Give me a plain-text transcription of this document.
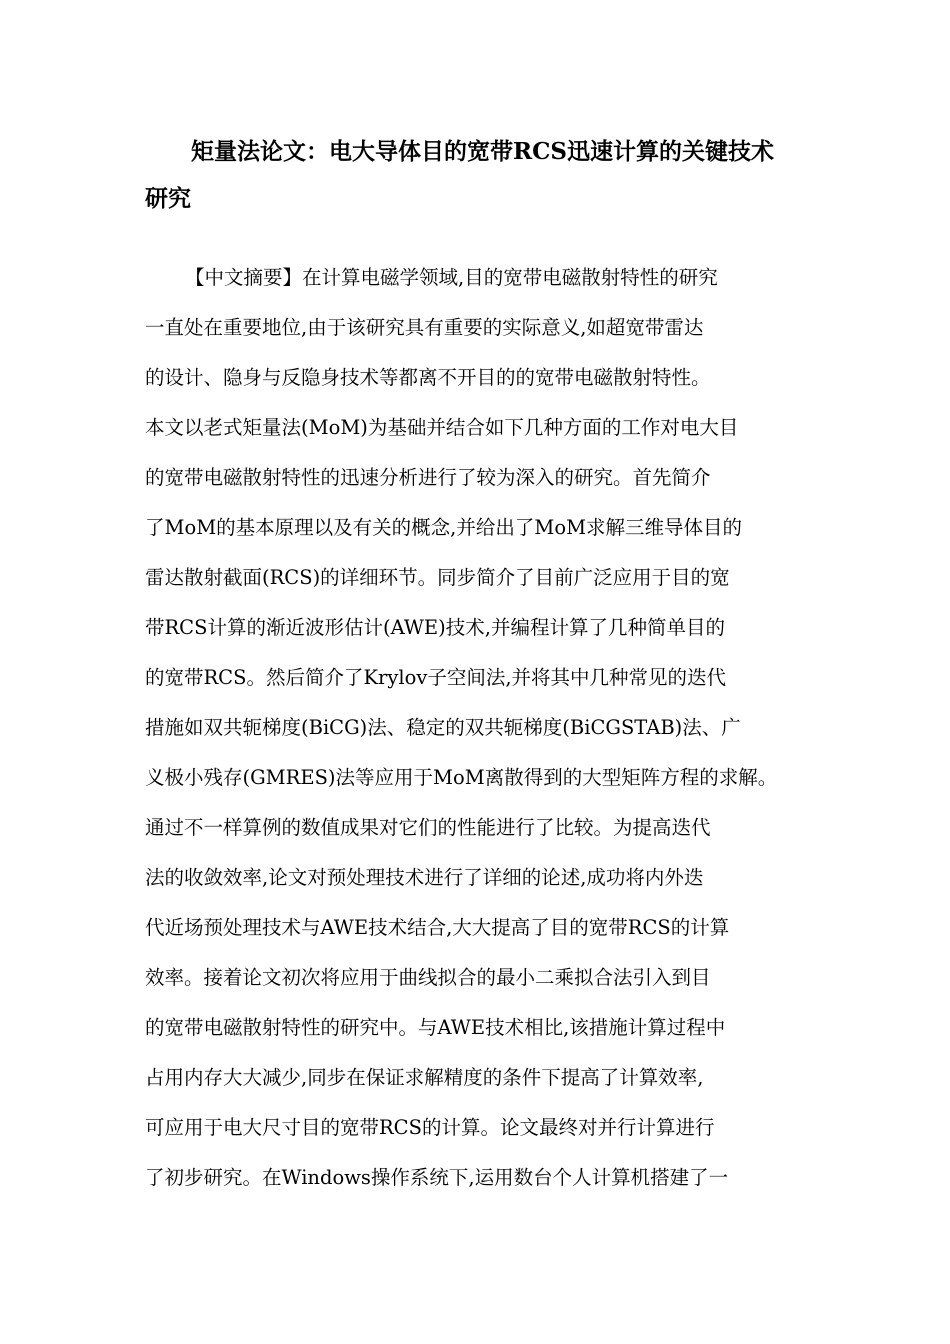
矩量法论文：电大导体目的宽带RCS迅速计算的关键技术
研究
【中文摘要】在计算电磁学领域,目的宽带电磁散射特性的研究
一直处在重要地位,由于该研究具有重要的实际意义,如超宽带雷达
的设计、隐身与反隐身技术等都离不开目的的宽带电磁散射特性。
本文以老式矩量法(MoM)为基础并结合如下几种方面的工作对电大目
的宽带电磁散射特性的迅速分析进行了较为深入的研究。首先简介
了MoM的基本原理以及有关的概念,并给出了MoM求解三维导体目的
雷达散射截面(RCS)的详细环节。同步简介了目前广泛应用于目的宽
带RCS计算的渐近波形估计(AWE)技术,并编程计算了几种简单目的
的宽带RCS。然后简介了Krylov子空间法,并将其中几种常见的迭代
措施如双共轭梯度(BiCG)法、稳定的双共轭梯度(BiCGSTAB)法、广
义极小残存(GMRES)法等应用于MoM离散得到的大型矩阵方程的求解。
通过不一样算例的数值成果对它们的性能进行了比较。为提高迭代
法的收敛效率,论文对预处理技术进行了详细的论述,成功将内外迭
代近场预处理技术与AWE技术结合,大大提高了目的宽带RCS的计算
效率。接着论文初次将应用于曲线拟合的最小二乘拟合法引入到目
的宽带电磁散射特性的研究中。与AWE技术相比,该措施计算过程中
占用内存大大减少,同步在保证求解精度的条件下提高了计算效率,
可应用于电大尺寸目的宽带RCS的计算。论文最终对并行计算进行
了初步研究。在Windows操作系统下,运用数台个人计算机搭建了一
